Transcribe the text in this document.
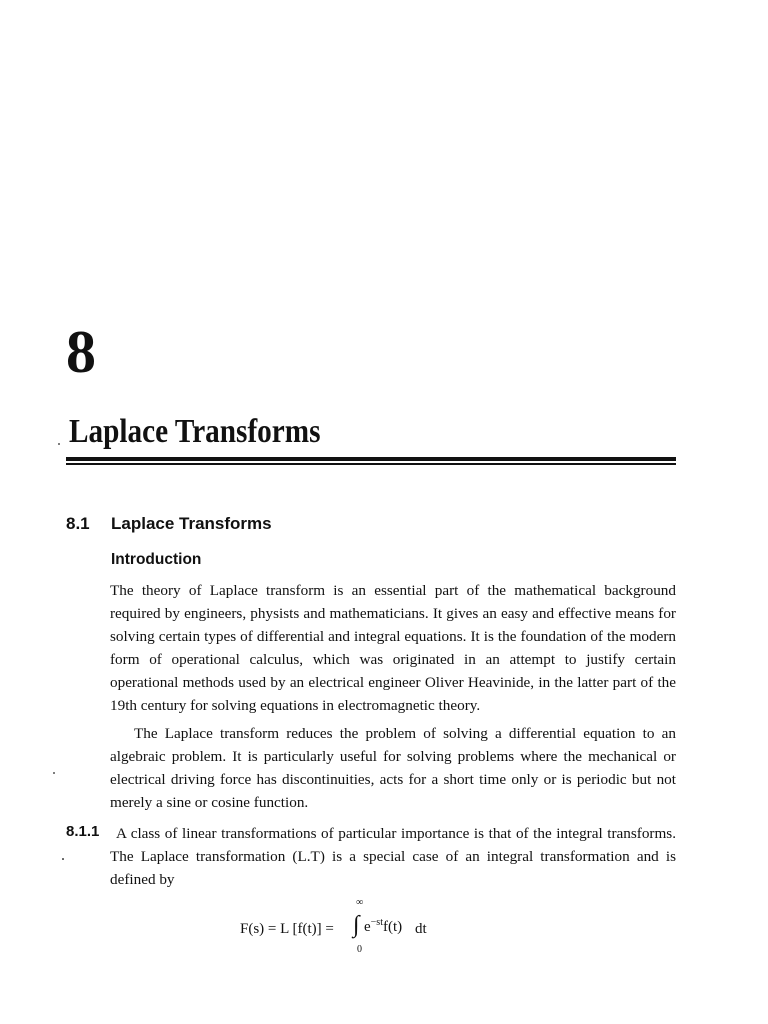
8
Laplace Transforms
8.1 Laplace Transforms
Introduction
The theory of Laplace transform is an essential part of the mathematical background required by engineers, physists and mathematicians. It gives an easy and effective means for solving certain types of differential and integral equations. It is the foundation of the modern form of operational calculus, which was originated in an attempt to justify certain operational methods used by an electrical engineer Oliver Heavinide, in the latter part of the 19th century for solving equations in electromagnetic theory.
The Laplace transform reduces the problem of solving a differential equation to an algebraic problem. It is particularly useful for solving problems where the mechanical or electrical driving force has discontinuities, acts for a short time only or is periodic but not merely a sine or cosine function.
8.1.1	A class of linear transformations of particular importance is that of the integral transforms. The Laplace transformation (L.T) is a special case of an integral transformation and is defined by
F(s) = L [f(t)] =
∞
∫
0
$e^{-st}f(t)$ dt
